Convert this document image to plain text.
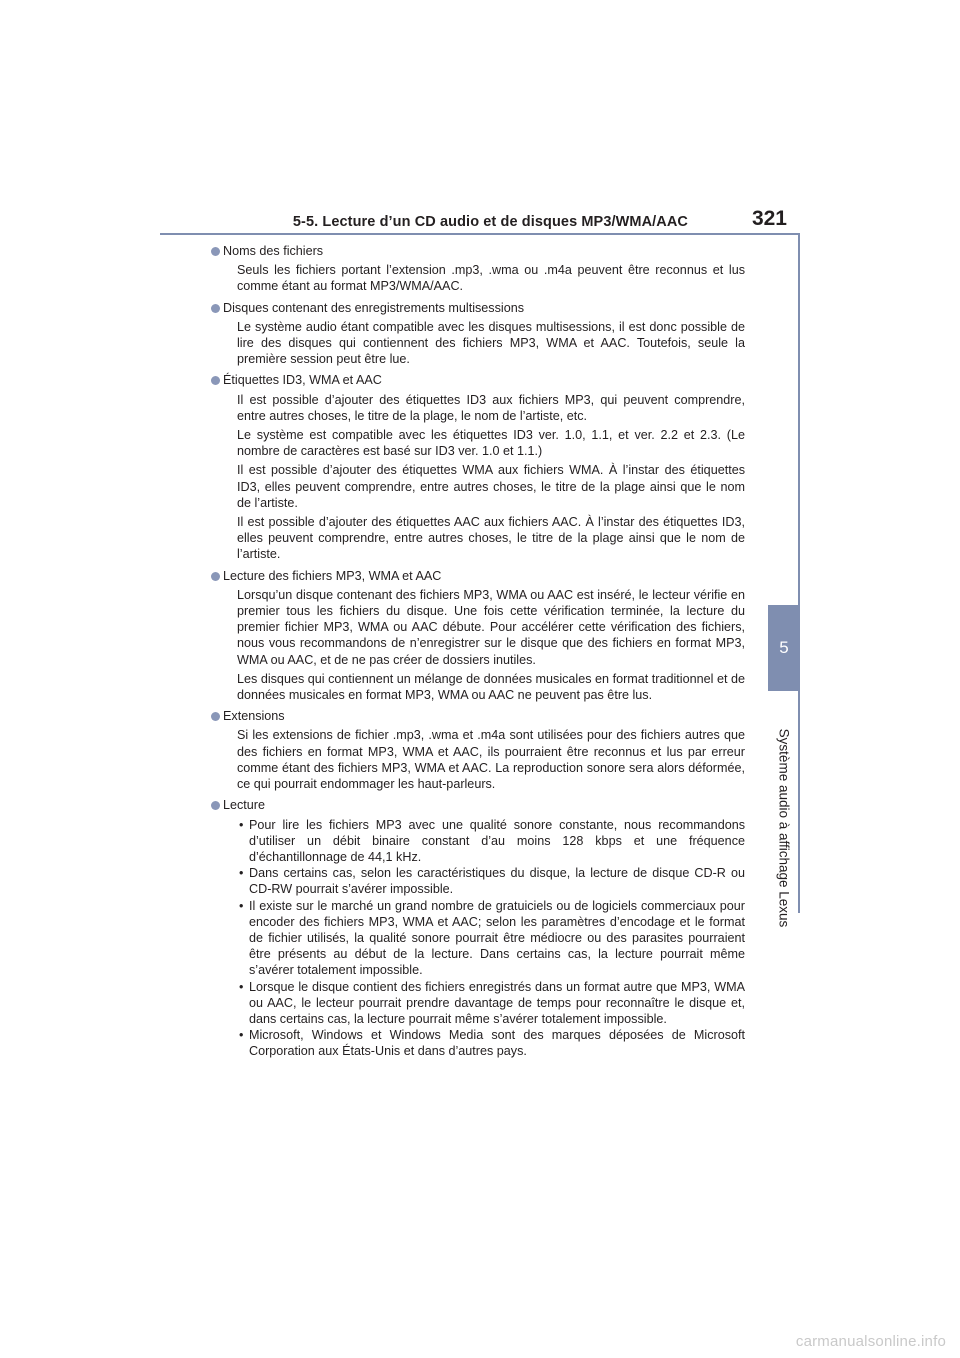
5-5. Lecture d’un CD audio et de disques MP3/WMA/AAC	321
5
Système audio à affichage Lexus
Noms des fichiers
Seuls les fichiers portant l’extension .mp3, .wma ou .m4a peuvent être reconnus et lus comme étant au format MP3/WMA/AAC.
Disques contenant des enregistrements multisessions
Le système audio étant compatible avec les disques multisessions, il est donc possible de lire des disques qui contiennent des fichiers MP3, WMA et AAC. Toutefois, seule la première session peut être lue.
Étiquettes ID3, WMA et AAC
Il est possible d’ajouter des étiquettes ID3 aux fichiers MP3, qui peuvent comprendre, entre autres choses, le titre de la plage, le nom de l’artiste, etc.
Le système est compatible avec les étiquettes ID3 ver. 1.0, 1.1, et ver. 2.2 et 2.3. (Le nombre de caractères est basé sur ID3 ver. 1.0 et 1.1.)
Il est possible d’ajouter des étiquettes WMA aux fichiers WMA. À l’instar des étiquettes ID3, elles peuvent comprendre, entre autres choses, le titre de la plage ainsi que le nom de l’artiste.
Il est possible d’ajouter des étiquettes AAC aux fichiers AAC. À l’instar des étiquettes ID3, elles peuvent comprendre, entre autres choses, le titre de la plage ainsi que le nom de l’artiste.
Lecture des fichiers MP3, WMA et AAC
Lorsqu’un disque contenant des fichiers MP3, WMA ou AAC est inséré, le lecteur vérifie en premier tous les fichiers du disque. Une fois cette vérification terminée, la lecture du premier fichier MP3, WMA ou AAC débute. Pour accélérer cette vérification des fichiers, nous vous recommandons de n’enregistrer sur le disque que des fichiers en format MP3, WMA ou AAC, et de ne pas créer de dossiers inutiles.
Les disques qui contiennent un mélange de données musicales en format traditionnel et de données musicales en format MP3, WMA ou AAC ne peuvent pas être lus.
Extensions
Si les extensions de fichier .mp3, .wma et .m4a sont utilisées pour des fichiers autres que des fichiers en format MP3, WMA et AAC, ils pourraient être reconnus et lus par erreur comme étant des fichiers MP3, WMA et AAC. La reproduction sonore sera alors déformée, ce qui pourrait endommager les haut-parleurs.
Lecture
• Pour lire les fichiers MP3 avec une qualité sonore constante, nous recommandons d’utiliser un débit binaire constant d’au moins 128 kbps et une fréquence d’échantillonnage de 44,1 kHz.
• Dans certains cas, selon les caractéristiques du disque, la lecture de disque CD-R ou CD-RW pourrait s’avérer impossible.
• Il existe sur le marché un grand nombre de gratuiciels ou de logiciels commerciaux pour encoder des fichiers MP3, WMA et AAC; selon les paramètres d’encodage et le format de fichier utilisés, la qualité sonore pourrait être médiocre ou des parasites pourraient être présents au début de la lecture. Dans certains cas, la lecture pourrait même s’avérer totalement impossible.
• Lorsque le disque contient des fichiers enregistrés dans un format autre que MP3, WMA ou AAC, le lecteur pourrait prendre davantage de temps pour reconnaître le disque et, dans certains cas, la lecture pourrait même s’avérer totalement impossible.
• Microsoft, Windows et Windows Media sont des marques déposées de Microsoft Corporation aux États-Unis et dans d’autres pays.
carmanualsonline.info
